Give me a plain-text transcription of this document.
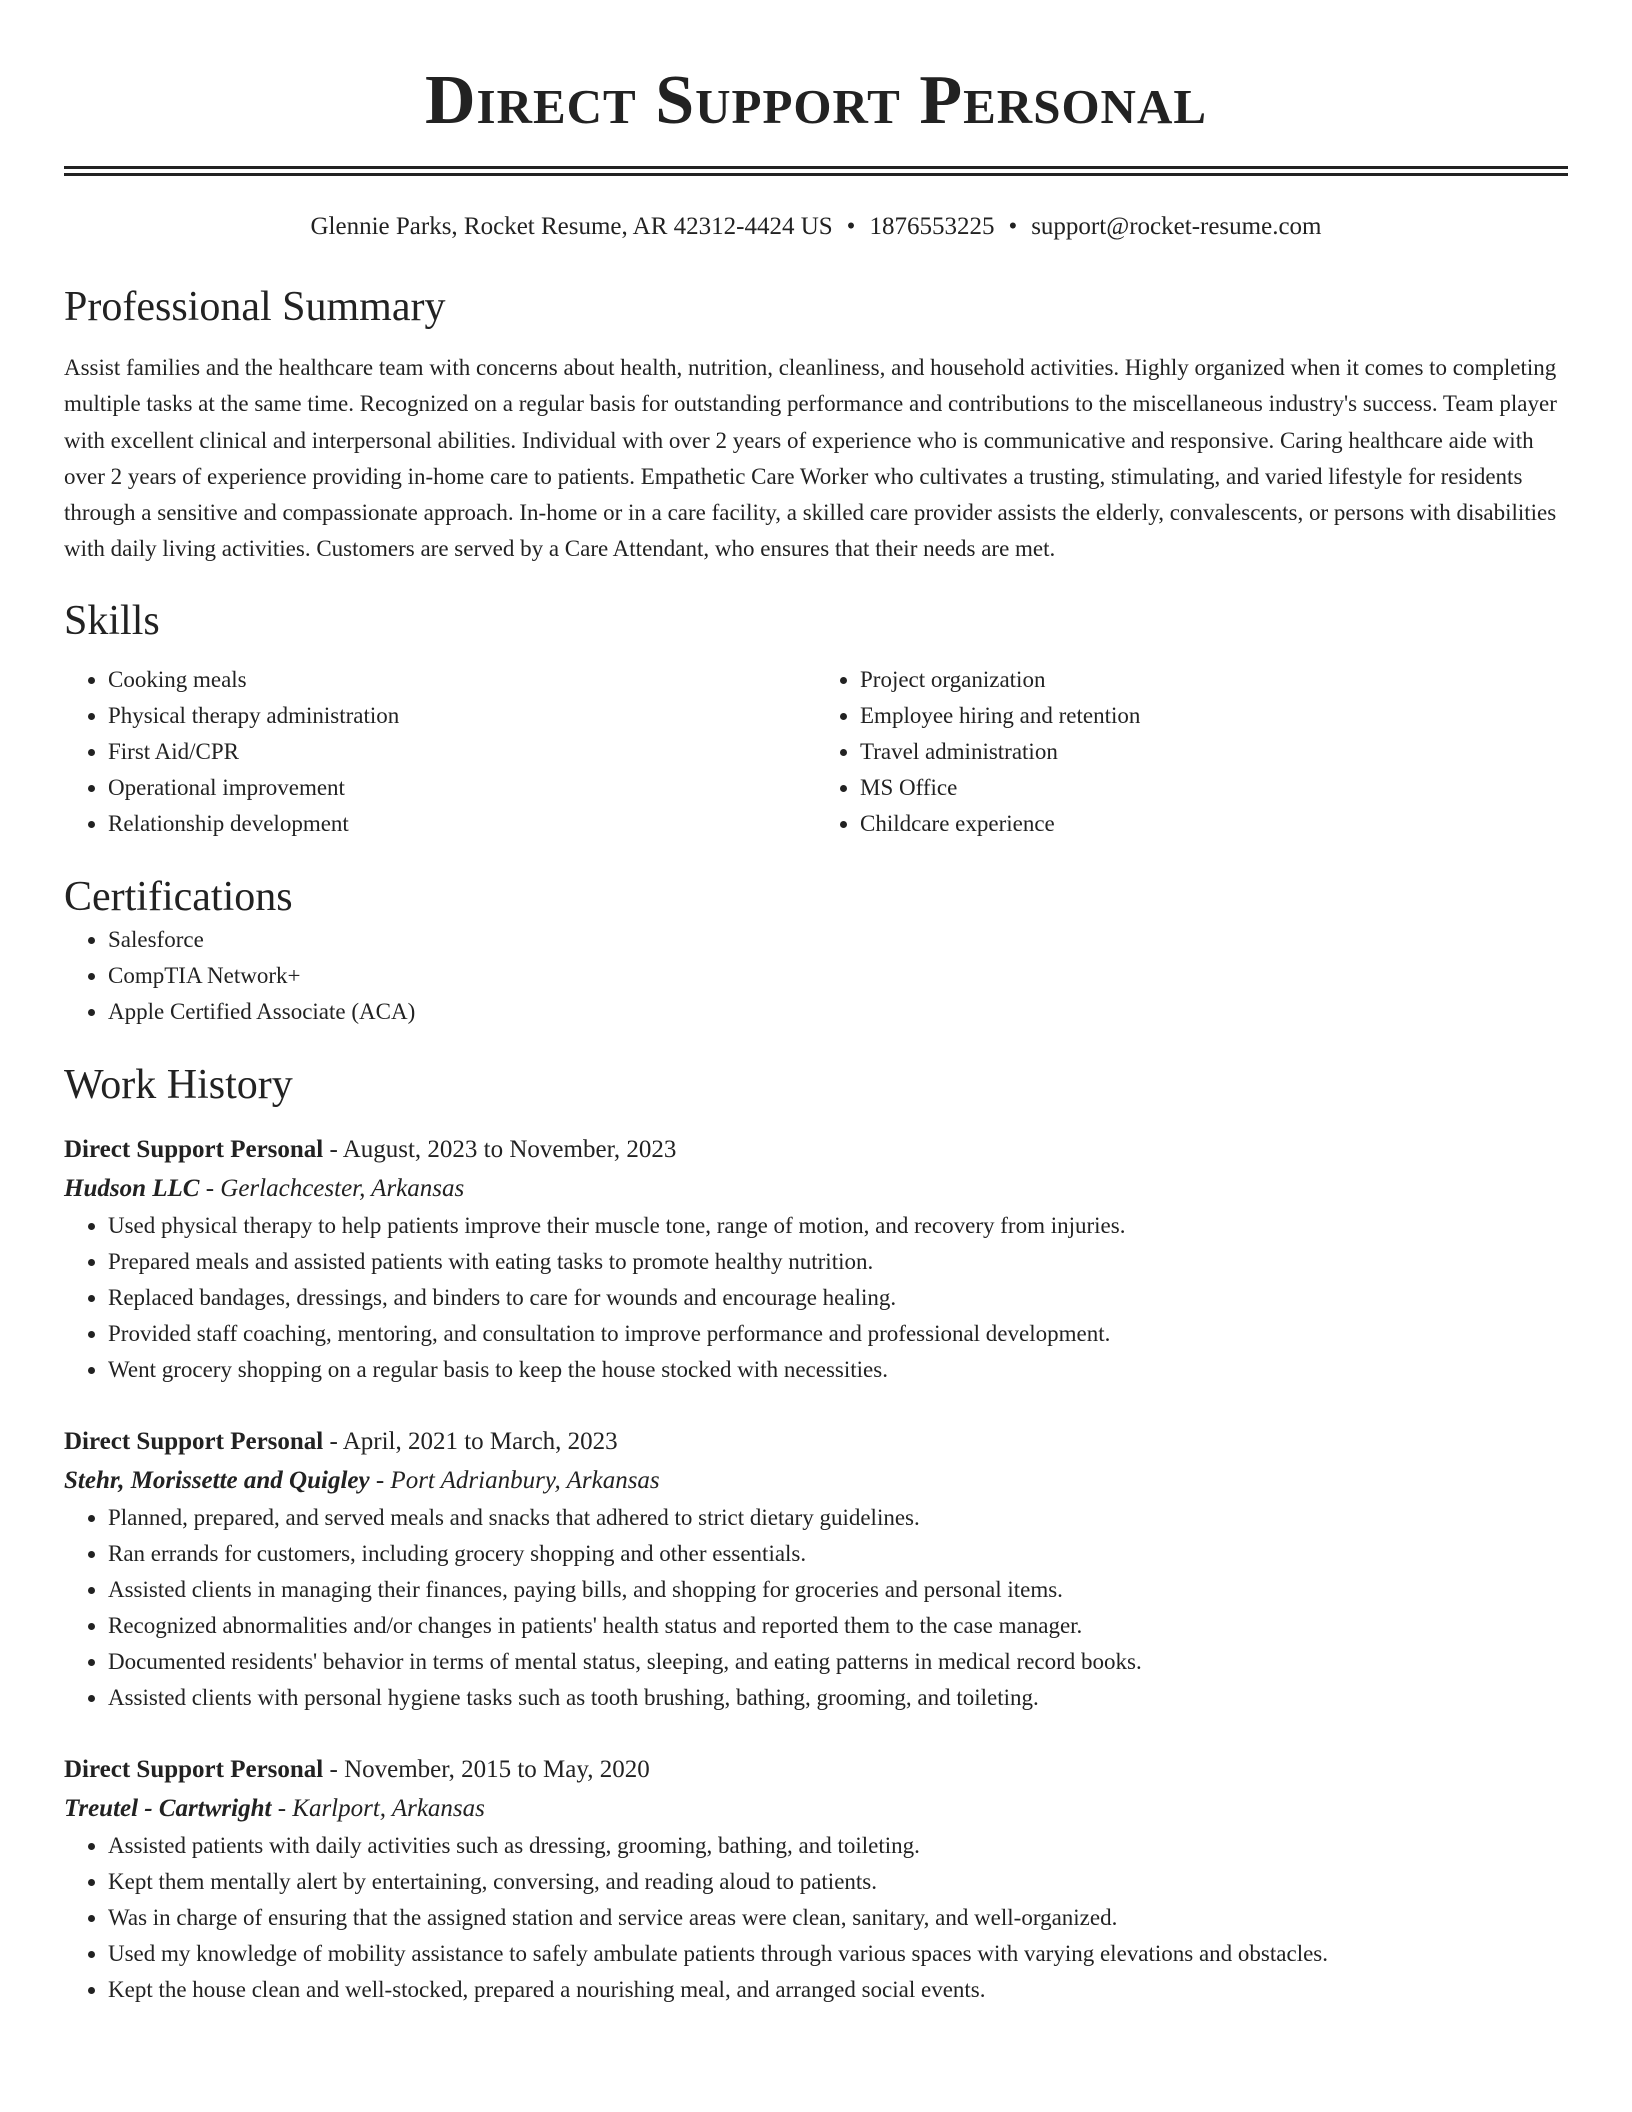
Direct Support Personal
Glennie Parks, Rocket Resume, AR 42312-4424 US • 1876553225 • support@rocket-resume.com
Professional Summary

Assist families and the healthcare team with concerns about health, nutrition, cleanliness, and household activities. Highly organized when it comes to completing multiple tasks at the same time. Recognized on a regular basis for outstanding performance and contributions to the miscellaneous industry's success. Team player with excellent clinical and interpersonal abilities. Individual with over 2 years of experience who is communicative and responsive. Caring healthcare aide with over 2 years of experience providing in-home care to patients. Empathetic Care Worker who cultivates a trusting, stimulating, and varied lifestyle for residents through a sensitive and compassionate approach. In-home or in a care facility, a skilled care provider assists the elderly, convalescents, or persons with disabilities with daily living activities. Customers are served by a Care Attendant, who ensures that their needs are met.

Skills
• Cooking meals
• Physical therapy administration
• First Aid/CPR
• Operational improvement
• Relationship development
• Project organization
• Employee hiring and retention
• Travel administration
• MS Office
• Childcare experience
Certifications
• Salesforce
• CompTIA Network+
• Apple Certified Associate (ACA)
Work History
Direct Support Personal - August, 2023 to November, 2023
Hudson LLC - Gerlachcester, Arkansas
• Used physical therapy to help patients improve their muscle tone, range of motion, and recovery from injuries.
• Prepared meals and assisted patients with eating tasks to promote healthy nutrition.
• Replaced bandages, dressings, and binders to care for wounds and encourage healing.
• Provided staff coaching, mentoring, and consultation to improve performance and professional development.
• Went grocery shopping on a regular basis to keep the house stocked with necessities.
Direct Support Personal - April, 2021 to March, 2023
Stehr, Morissette and Quigley - Port Adrianbury, Arkansas
• Planned, prepared, and served meals and snacks that adhered to strict dietary guidelines.
• Ran errands for customers, including grocery shopping and other essentials.
• Assisted clients in managing their finances, paying bills, and shopping for groceries and personal items.
• Recognized abnormalities and/or changes in patients' health status and reported them to the case manager.
• Documented residents' behavior in terms of mental status, sleeping, and eating patterns in medical record books.
• Assisted clients with personal hygiene tasks such as tooth brushing, bathing, grooming, and toileting.
Direct Support Personal - November, 2015 to May, 2020
Treutel - Cartwright - Karlport, Arkansas
• Assisted patients with daily activities such as dressing, grooming, bathing, and toileting.
• Kept them mentally alert by entertaining, conversing, and reading aloud to patients.
• Was in charge of ensuring that the assigned station and service areas were clean, sanitary, and well-organized.
• Used my knowledge of mobility assistance to safely ambulate patients through various spaces with varying elevations and obstacles.
• Kept the house clean and well-stocked, prepared a nourishing meal, and arranged social events.
